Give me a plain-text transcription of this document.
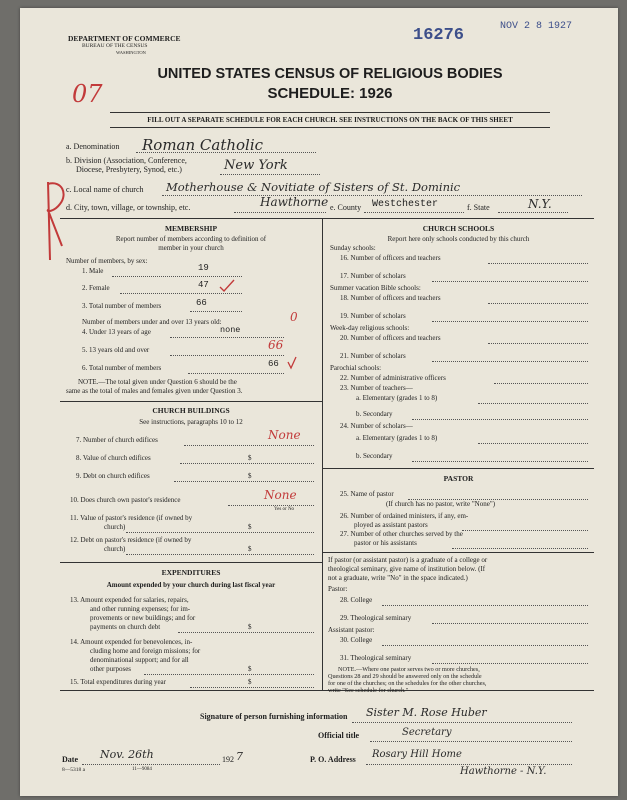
DEPARTMENT OF COMMERCE
BUREAU OF THE CENSUS
WASHINGTON
16276	NOV 2 8 1927
07
UNITED STATES CENSUS OF RELIGIOUS BODIES
SCHEDULE: 1926
FILL OUT A SEPARATE SCHEDULE FOR EACH CHURCH. SEE INSTRUCTIONS ON THE BACK OF THIS SHEET
a. Denomination Roman Catholic
b. Division (Association, Conference,
Diocese, Presbytery, Synod, etc.)	New York
c. Local name of church Motherhouse & Novitiate of Sisters of St. Dominic
d. City, town, village, or township, etc.	Hawthorne e. County Westchester	f. State	N.Y.
MEMBERSHIP
Report number of members according to definition of
member in your church
Number of members, by sex:
1. Male	19
2. Female	47
3. Total number of members	66
Number of members under and over 13 years old:	0
4. Under 13 years of age	none
5. 13 years old and over	66
6. Total number of members	66
NOTE.—The total given under Question 6 should be the
same as the total of males and females given under Question 3.
CHURCH BUILDINGS
See instructions, paragraphs 10 to 12
7. Number of church edifices	None
8. Value of church edifices	$
9. Debt on church edifices	$
10. Does church own pastor's residence	None
Yes or No
11. Value of pastor's residence (if owned by
church)	$
12. Debt on pastor's residence (if owned by
church)	$
EXPENDITURES
Amount expended by your church during last fiscal year
13. Amount expended for salaries, repairs,
and other running expenses; for im-
provements or new buildings; and for
payments on church debt	$
14. Amount expended for benevolences, in-
cluding home and foreign missions; for
denominational support; and for all
other purposes	$
15. Total expenditures during year	$
CHURCH SCHOOLS
Report here only schools conducted by this church
Sunday schools:
16. Number of officers and teachers
17. Number of scholars
Summer vacation Bible schools:
18. Number of officers and teachers
19. Number of scholars
Week-day religious schools:
20. Number of officers and teachers
21. Number of scholars
Parochial schools:
22. Number of administrative officers
23. Number of teachers—
a. Elementary (grades 1 to 8)
b. Secondary
24. Number of scholars—
a. Elementary (grades 1 to 8)
b. Secondary
PASTOR
25. Name of pastor
(If church has no pastor, write "None")
26. Number of ordained ministers, if any, em-
ployed as assistant pastors
27. Number of other churches served by the
pastor or his assistants
If pastor (or assistant pastor) is a graduate of a college or
theological seminary, give name of institution below. (If
not a graduate, write "No" in the space indicated.)
Pastor:
28. College
29. Theological seminary
Assistant pastor:
30. College
31. Theological seminary
NOTE.—Where one pastor serves two or more churches,
Questions 28 and 29 should be answered only on the schedule
for one of the churches; on the schedules for the other churches,
write "See schedule for church."
Signature of person furnishing information Sister M. Rose Huber
Official title	Secretary
Date Nov. 26th	192 7	P. O. Address Rosary Hill Home
Hawthorne - N.Y.
8—5318 a	11—9084
